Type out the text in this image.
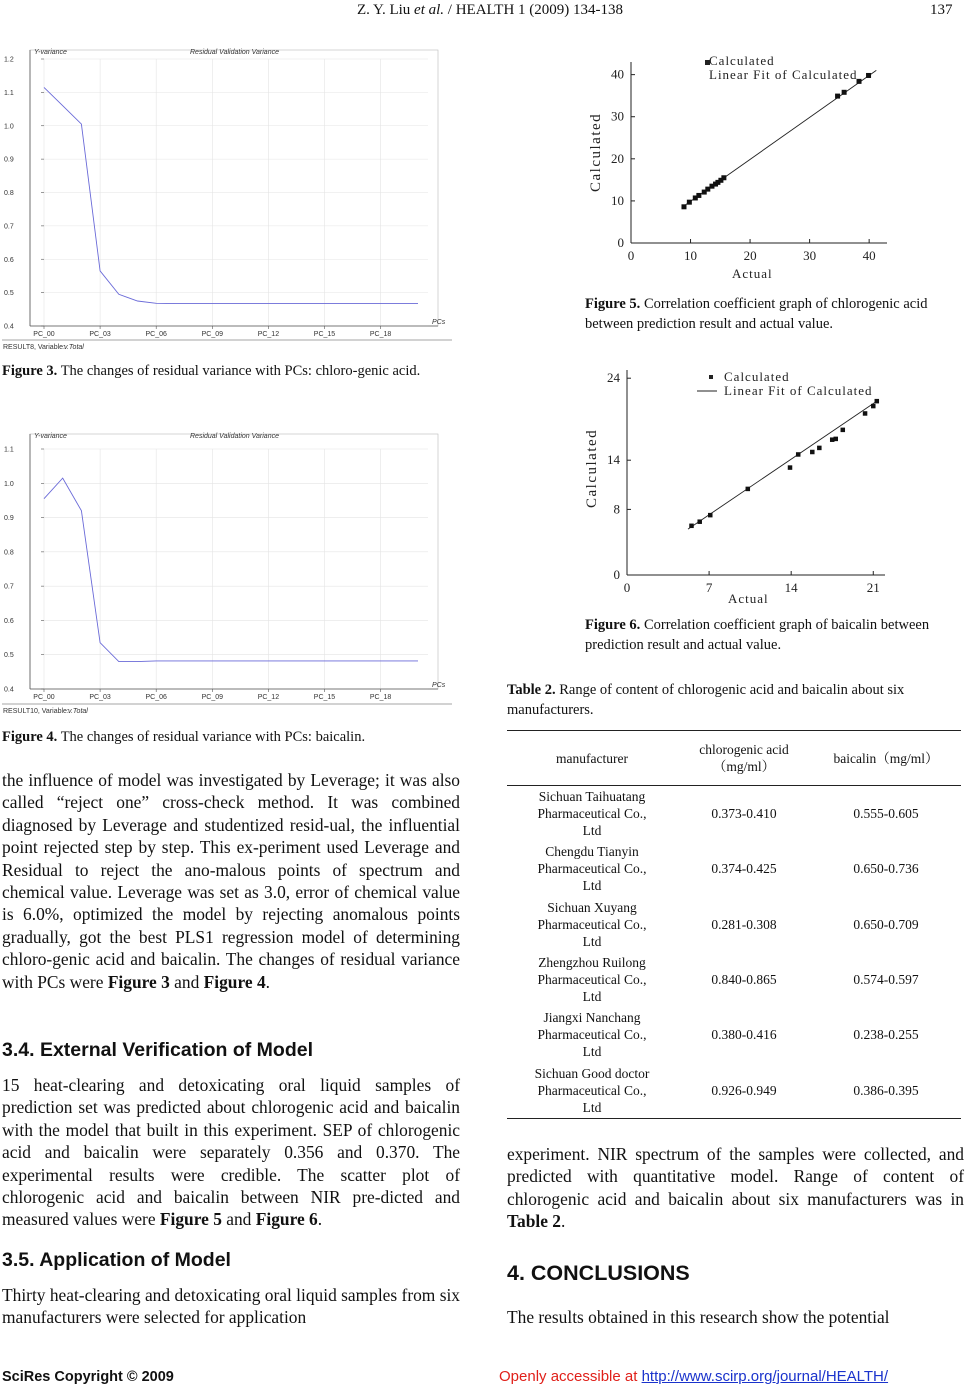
Z. Y. Liu et al. / HEALTH 1 (2009) 134-138	137
Y-variance	Residual Validation Variance
0.4
0.5
0.6
0.7
0.8
0.9
1.0
1.1
1.2
PC_00	PC_03	PC_06	PC_09	PC_12	PC_15	PC_18
PCs
RESULT8, Variable: v.Total
Figure 3. The changes of residual variance with PCs: chloro-genic acid.
Y-variance	Residual Validation Variance
0.4
0.5
0.6
0.7
0.8
0.9
1.0
1.1
PC_00	PC_03	PC_06	PC_09	PC_12	PC_15	PC_18
PCs
RESULT10, Variable: v.Total
Figure 4. The changes of residual variance with PCs: baicalin.
the influence of model was investigated by Leverage; it was also called “reject one” cross-check method. It was combined diagnosed by Leverage and studentized resid-ual, the influential point rejected step by step. This ex-periment used Leverage and Residual to reject the ano-malous points of spectrum and chemical value. Leverage was set as 3.0, error of chemical value is 6.0%, optimized the model by rejecting anomalous points gradually, got the best PLS1 regression model of determining chloro-genic acid and baicalin. The changes of residual variance with PCs were Figure 3 and Figure 4.
3.4. External Verification of Model
15 heat-clearing and detoxicating oral liquid samples of prediction set was predicted about chlorogenic acid and baicalin with the model that built in this experiment. SEP of chlorogenic acid and baicalin were separately 0.356 and 0.370. The experimental results were credible. The scatter plot of chlorogenic acid and baicalin between NIR pre-dicted and measured values were Figure 5 and Figure 6.
3.5. Application of Model
Thirty heat-clearing and detoxicating oral liquid samples from six manufacturers were selected for application
0	10	20	30	40
0
10
20
30
40
Calculated
Linear Fit of Calculated
Actual
Calculated
Figure 5. Correlation coefficient graph of chlorogenic acid between prediction result and actual value.
0	7	14	21
0
8
14
24	Calculated
Linear Fit of Calculated
Actual
Calculated
Figure 6. Correlation coefficient graph of baicalin between prediction result and actual value.
Table 2. Range of content of chlorogenic acid and baicalin about six manufacturers.
manufacturer	chlorogenic acid（mg/ml）	baicalin（mg/ml）
Sichuan Taihuatang Pharmaceutical Co., Ltd	0.373-0.410	0.555-0.605
Chengdu Tianyin Pharmaceutical Co., Ltd	0.374-0.425	0.650-0.736
Sichuan Xuyang Pharmaceutical Co., Ltd	0.281-0.308	0.650-0.709
Zhengzhou Ruilong Pharmaceutical Co., Ltd	0.840-0.865	0.574-0.597
Jiangxi Nanchang Pharmaceutical Co., Ltd	0.380-0.416	0.238-0.255
Sichuan Good doctor Pharmaceutical Co., Ltd	0.926-0.949	0.386-0.395
experiment. NIR spectrum of the samples were collected, and predicted with quantitative model. Range of content of chlorogenic acid and baicalin about six manufacturers was in Table 2.
4. CONCLUSIONS
The results obtained in this research show the potential
SciRes Copyright © 2009	Openly accessible at http://www.scirp.org/journal/HEALTH/
